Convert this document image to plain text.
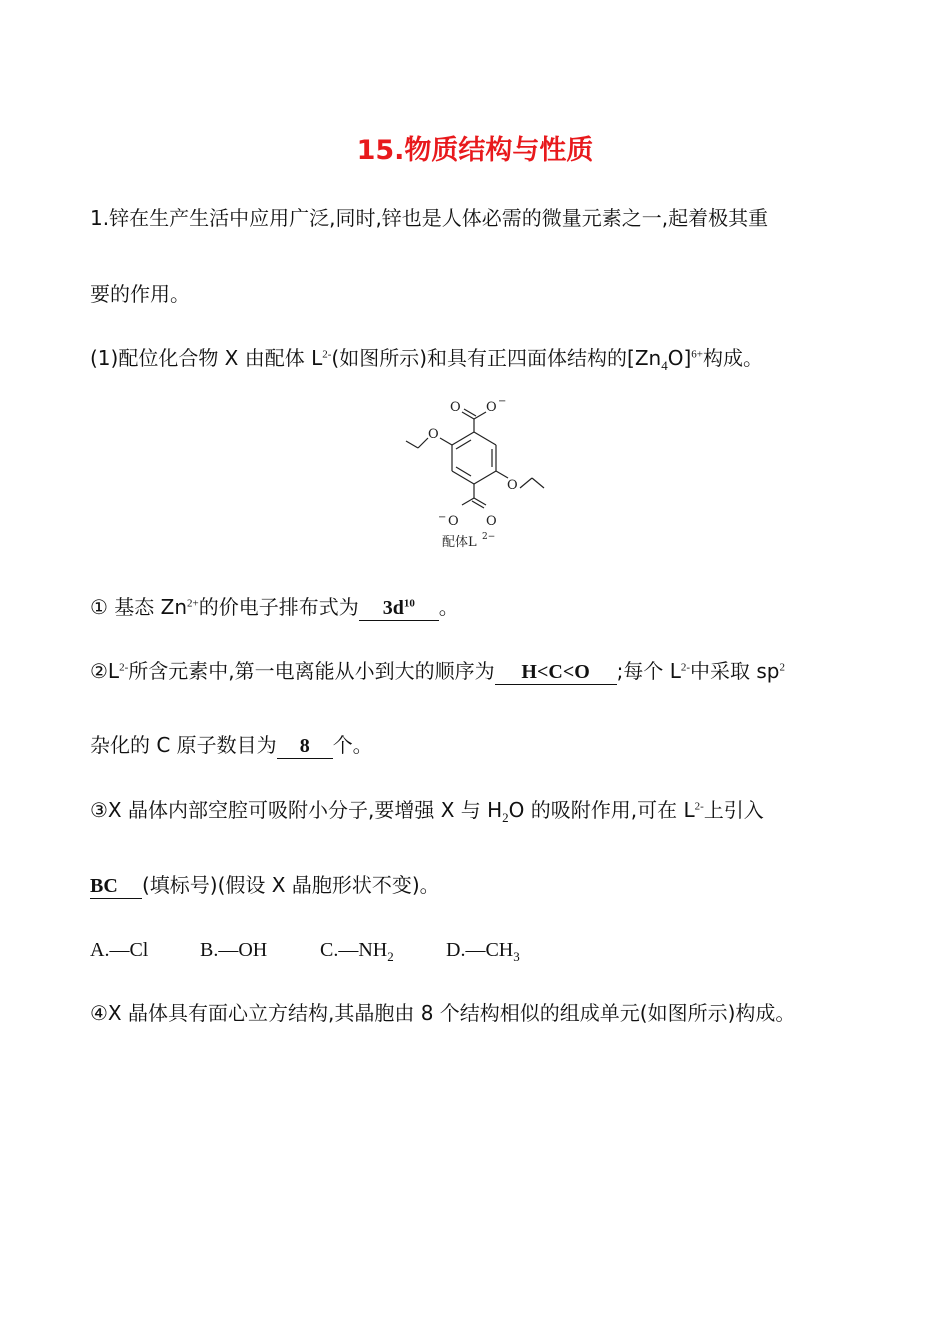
15.物质结构与性质
1.锌在生产生活中应用广泛,同时,锌也是人体必需的微量元素之一,起着极其重
要的作用。
(1)配位化合物 X 由配体 $L^{2-}$(如图所示)和具有正四面体结构的$[Zn_4O]^{6+}$构成。
O O −
O
O
− O O
配体L 2−
① 基态 $Zn^{2+}$的价电子排布式为 $3d^{10}$ 。
$②L^{2-}$所含元素中,第一电离能从小到大的顺序为 H<C<O ;每个 $L^{2-}$中采取 $sp^2$
杂化的 C 原子数目为 8 个。
③X 晶体内部空腔可吸附小分子,要增强 X 与 $H_2O$ 的吸附作用,可在 $L^{2-}$上引入
BC (填标号)(假设 X 晶胞形状不变)。
A.—Cl	B.—OH	$C.—NH_2$	$D.—CH_3$
④X 晶体具有面心立方结构,其晶胞由 8 个结构相似的组成单元(如图所示)构成。
